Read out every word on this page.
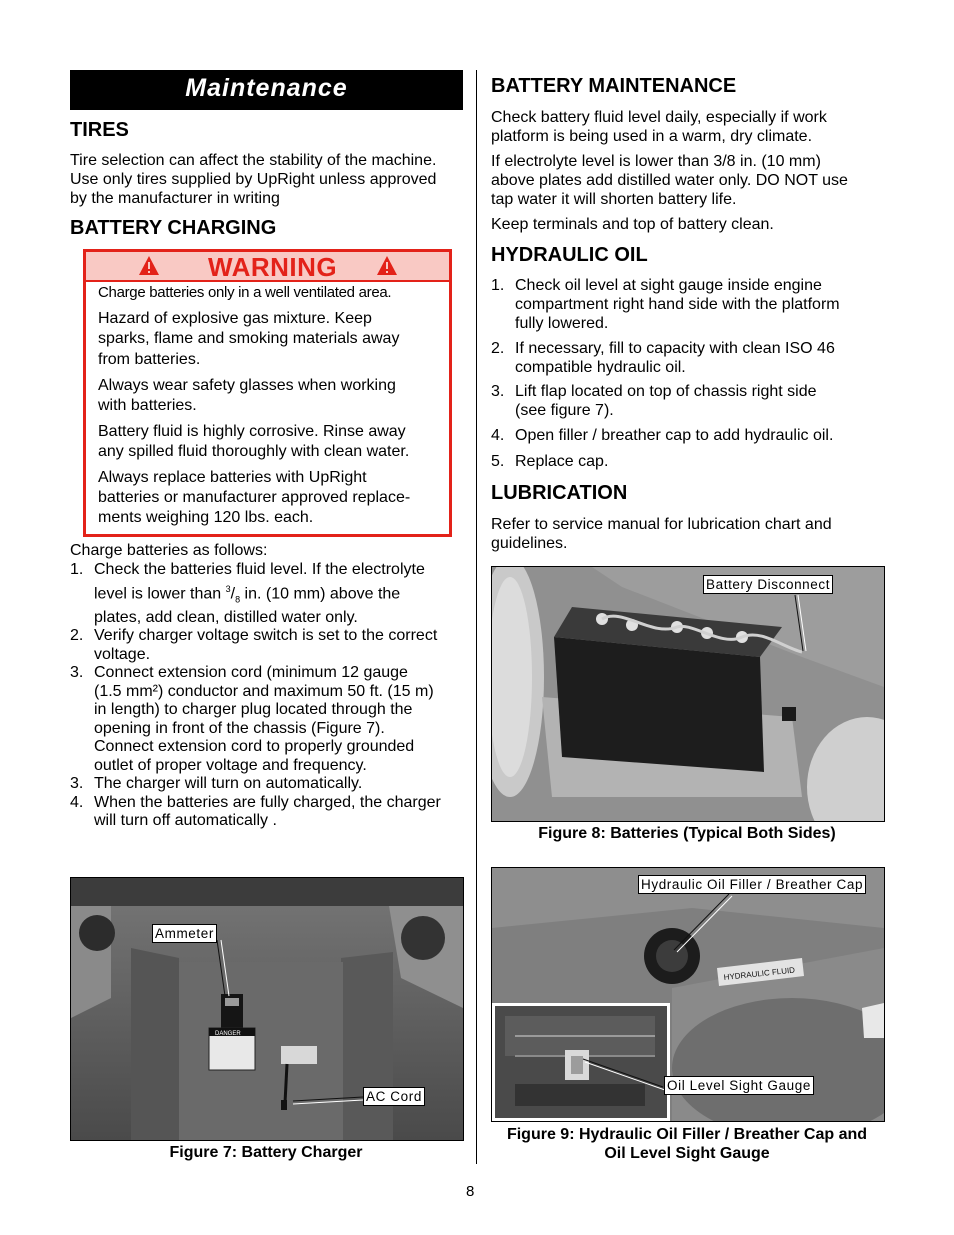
Maintenance
TIRES
Tire selection can affect the stability of the machine.
Use only tires supplied by UpRight unless approved
by the manufacturer in writing
BATTERY CHARGING
WARNING

Charge batteries only in a well ventilated area.

Hazard of explosive gas mixture. Keep

sparks, flame and smoking materials away

from batteries.

Always wear safety glasses when working

with batteries.

Battery fluid is highly corrosive. Rinse away

any spilled fluid thoroughly with clean water.

Always replace batteries with UpRight

batteries or manufacturer approved replace-

ments weighing 120 lbs. each.

Charge batteries as follows:
1. Check the batteries fluid level. If the electrolyte
level is lower than $^3/_8$ in. (10 mm) above the
plates, add clean, distilled water only.
2. Verify charger voltage switch is set to the correct
voltage.
3. Connect extension cord (minimum 12 gauge
(1.5 mm²) conductor and maximum 50 ft. (15 m)
in length) to charger plug located through the
opening in front of the chassis (Figure 7).
Connect extension cord to properly grounded
outlet of proper voltage and frequency.
3. The charger will turn on automatically.
4. When the batteries are fully charged, the charger
will turn off automatically .
DANGER
Ammeter
AC Cord

Figure 7: Battery Charger

BATTERY MAINTENANCE
Check battery fluid level daily, especially if work
platform is being used in a warm, dry climate.
If electrolyte level is lower than 3/8 in. (10 mm)
above plates add distilled water only. DO NOT use
tap water it will shorten battery life.
Keep terminals and top of battery clean.
HYDRAULIC OIL
1. Check oil level at sight gauge inside engine
compartment right hand side with the platform
fully lowered.
2. If necessary, fill to capacity with clean ISO 46
compatible hydraulic oil.
3. Lift flap located on top of chassis right side
(see figure 7).
4. Open filler / breather cap to add hydraulic oil.
5. Replace cap.
LUBRICATION
Refer to service manual for lubrication chart and
guidelines.
Battery Disconnect

Figure 8: Batteries (Typical Both Sides)

HYDRAULIC FLUID
Hydraulic Oil Filler / Breather Cap
Oil Level Sight Gauge
Figure 9: Hydraulic Oil Filler / Breather Cap and
Oil Level Sight Gauge
8
